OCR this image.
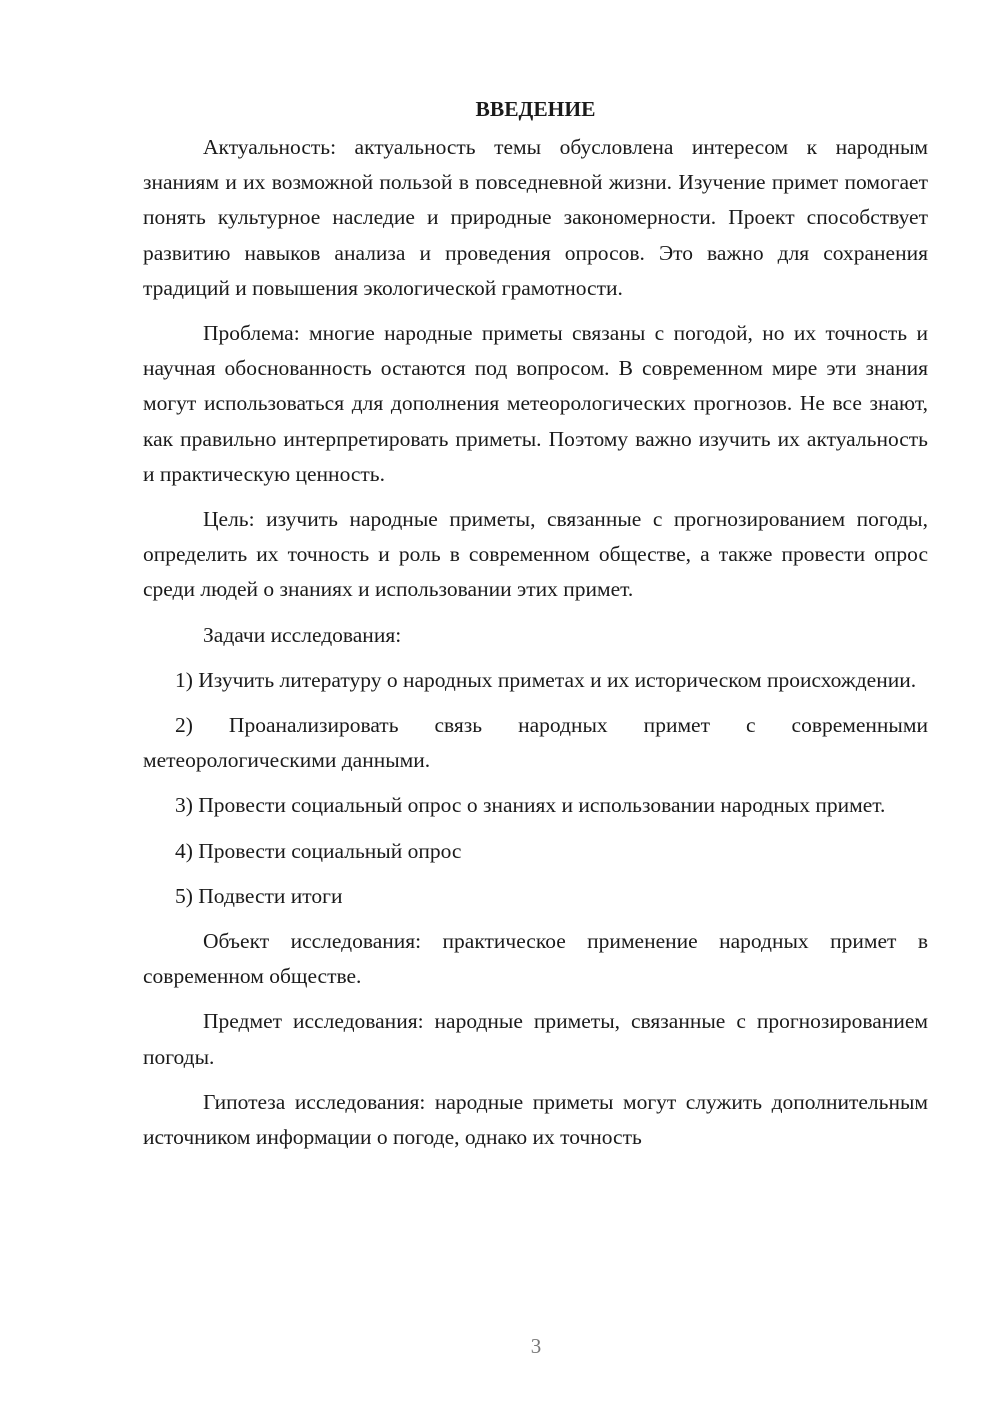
ВВЕДЕНИЕ

Актуальность: актуальность темы обусловлена интересом к народным знаниям и их возможной пользой в повседневной жизни. Изучение примет помогает понять культурное наследие и природные закономерности. Проект способствует развитию навыков анализа и проведения опросов. Это важно для сохранения традиций и повышения экологической грамотности.

Проблема: многие народные приметы связаны с погодой, но их точность и научная обоснованность остаются под вопросом. В современном мире эти знания могут использоваться для дополнения метеорологических прогнозов. Не все знают, как правильно интерпретировать приметы. Поэтому важно изучить их актуальность и практическую ценность.

Цель: изучить народные приметы, связанные с прогнозированием погоды, определить их точность и роль в современном обществе, а также провести опрос среди людей о знаниях и использовании этих примет.

Задачи исследования:

1) Изучить литературу о народных приметах и их историческом происхождении.

2) Проанализировать связь народных примет с современными метеорологическими данными.

3) Провести социальный опрос о знаниях и использовании народных примет.

4) Провести социальный опрос

5) Подвести итоги

Объект исследования: практическое применение народных примет в современном обществе.

Предмет исследования: народные приметы, связанные с прогнозированием погоды.

Гипотеза исследования: народные приметы могут служить дополнительным источником информации о погоде, однако их точность

3
